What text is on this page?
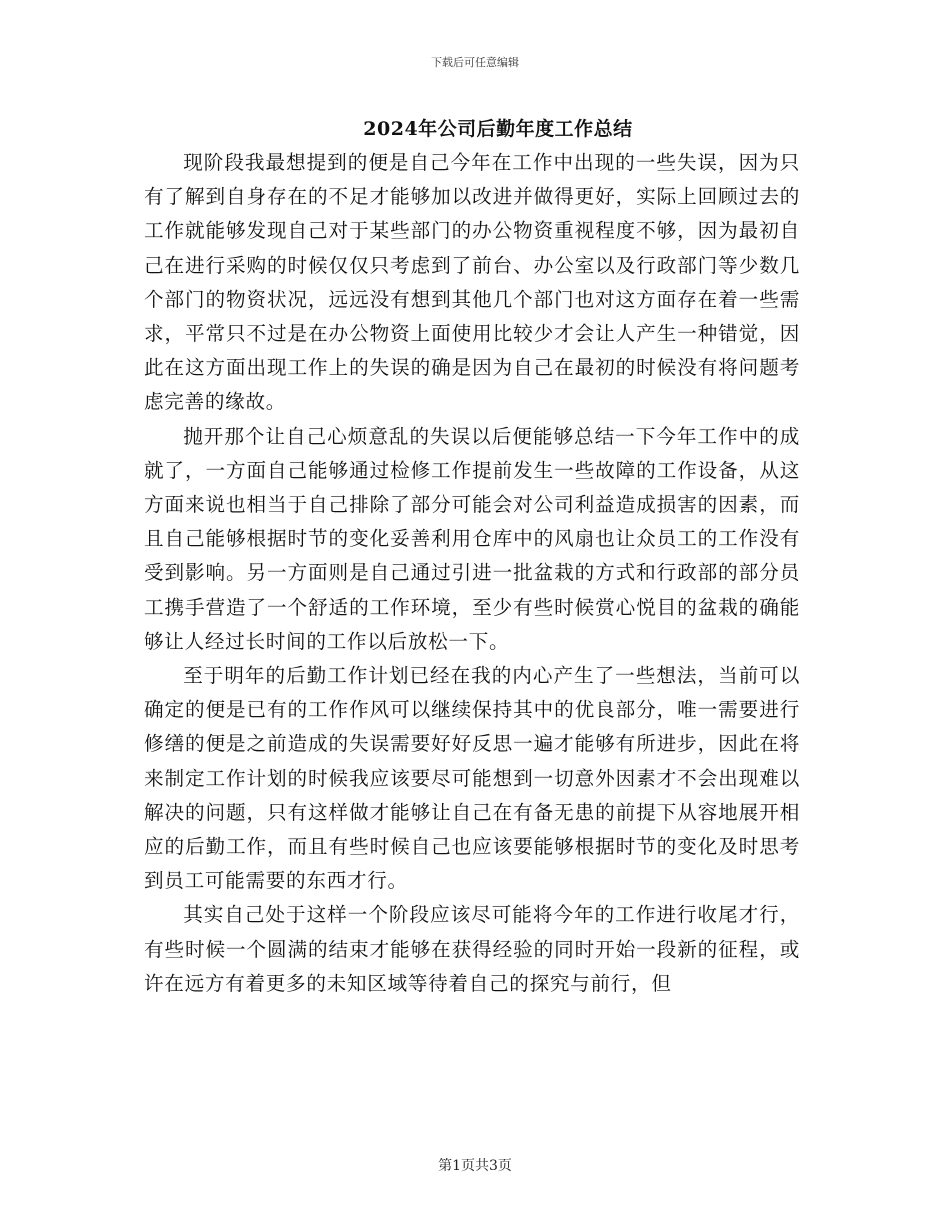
下载后可任意编辑
2024年公司后勤年度工作总结

现阶段我最想提到的便是自己今年在工作中出现的一些失误，因为只有了解到自身存在的不足才能够加以改进并做得更好，实际上回顾过去的工作就能够发现自己对于某些部门的办公物资重视程度不够，因为最初自己在进行采购的时候仅仅只考虑到了前台、办公室以及行政部门等少数几个部门的物资状况，远远没有想到其他几个部门也对这方面存在着一些需求，平常只不过是在办公物资上面使用比较少才会让人产生一种错觉，因此在这方面出现工作上的失误的确是因为自己在最初的时候没有将问题考虑完善的缘故。

抛开那个让自己心烦意乱的失误以后便能够总结一下今年工作中的成就了，一方面自己能够通过检修工作提前发生一些故障的工作设备，从这方面来说也相当于自己排除了部分可能会对公司利益造成损害的因素，而且自己能够根据时节的变化妥善利用仓库中的风扇也让众员工的工作没有受到影响。另一方面则是自己通过引进一批盆栽的方式和行政部的部分员工携手营造了一个舒适的工作环境，至少有些时候赏心悦目的盆栽的确能够让人经过长时间的工作以后放松一下。

至于明年的后勤工作计划已经在我的内心产生了一些想法，当前可以确定的便是已有的工作作风可以继续保持其中的优良部分，唯一需要进行修缮的便是之前造成的失误需要好好反思一遍才能够有所进步，因此在将来制定工作计划的时候我应该要尽可能想到一切意外因素才不会出现难以解决的问题，只有这样做才能够让自己在有备无患的前提下从容地展开相应的后勤工作，而且有些时候自己也应该要能够根据时节的变化及时思考到员工可能需要的东西才行。

其实自己处于这样一个阶段应该尽可能将今年的工作进行收尾才行，有些时候一个圆满的结束才能够在获得经验的同时开始一段新的征程，或许在远方有着更多的未知区域等待着自己的探究与前行，但

第1页共3页
